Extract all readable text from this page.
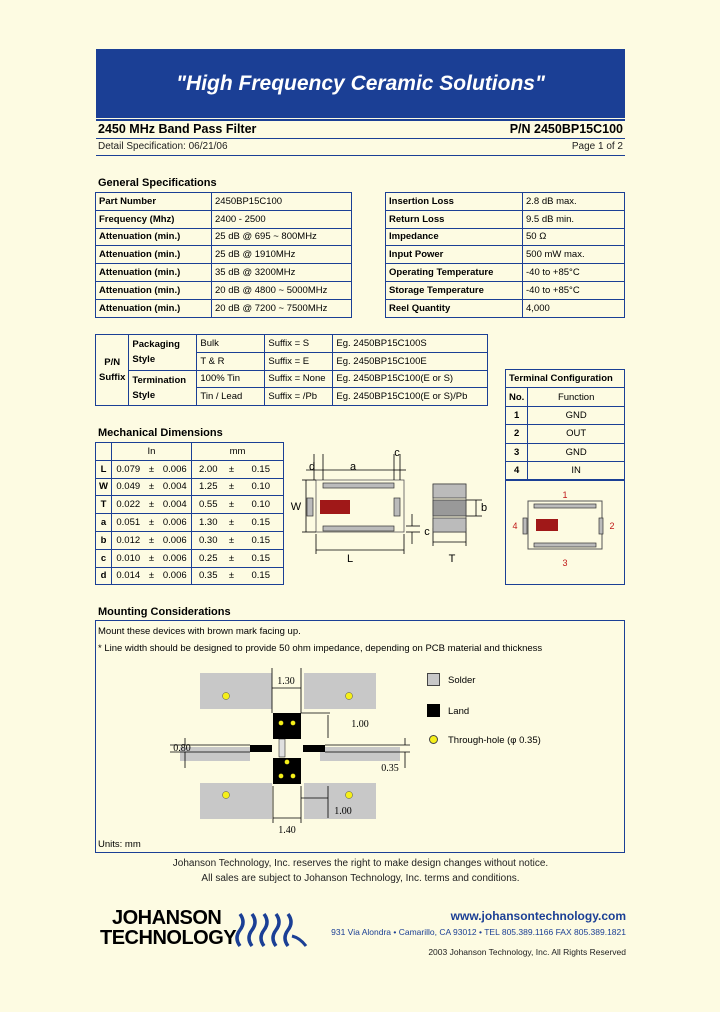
"High Frequency Ceramic Solutions"
2450 MHz Band Pass Filter	P/N 2450BP15C100
Detail Specification: 06/21/06	Page 1 of 2
General Specifications
Part Number	2450BP15C100
Frequency (Mhz)	2400 - 2500
Attenuation (min.)	25 dB @ 695 ~ 800MHz
Attenuation (min.)	25 dB @ 1910MHz
Attenuation (min.)	35 dB @ 3200MHz
Attenuation (min.)	20 dB @ 4800 ~ 5000MHz
Attenuation (min.)	20 dB @ 7200 ~ 7500MHz
Insertion Loss	2.8 dB max.
Return Loss	9.5 dB min.
Impedance	50 Ω
Input Power	500 mW max.
Operating Temperature	-40 to +85°C
Storage Temperature	-40 to +85°C
Reel Quantity	4,000
P/N
Suffix	Packaging Style	Bulk	Suffix = S	Eg. 2450BP15C100S
		T & R	Suffix = E	Eg. 2450BP15C100E
	Termination Style	100% Tin	Suffix = None	Eg. 2450BP15C100(E or S)
		Tin / Lead	Suffix = /Pb	Eg. 2450BP15C100(E or S)/Pb
Terminal Configuration	
No.	Function
1	GND
2	OUT
3	GND
4	IN
1
2
3
4
Mechanical Dimensions
	In			mm		
L	0.079	±	0.006	2.00	±	0.15
W	0.049	±	0.004	1.25	±	0.10
T	0.022	±	0.004	0.55	±	0.10
a	0.051	±	0.006	1.30	±	0.15
b	0.012	±	0.006	0.30	±	0.15
c	0.010	±	0.006	0.25	±	0.15
d	0.014	±	0.006	0.35	±	0.15
d	a
c
W
c
L
b
T
Mounting Considerations
Mount these devices with brown mark facing up.
* Line width should be designed to provide 50 ohm impedance, depending on PCB material and thickness
1.30
1.00
0.80
0.35
1.00
1.40
Solder
Land
Through-hole (φ 0.35)
Units: mm
Johanson Technology, Inc. reserves the right to make design changes without notice.
All sales are subject to Johanson Technology, Inc. terms and conditions.
JOHANSON
TECHNOLOGY
www.johansontechnology.com
931 Via Alondra • Camarillo, CA 93012 • TEL 805.389.1166 FAX 805.389.1821
2003 Johanson Technology, Inc. All Rights Reserved
